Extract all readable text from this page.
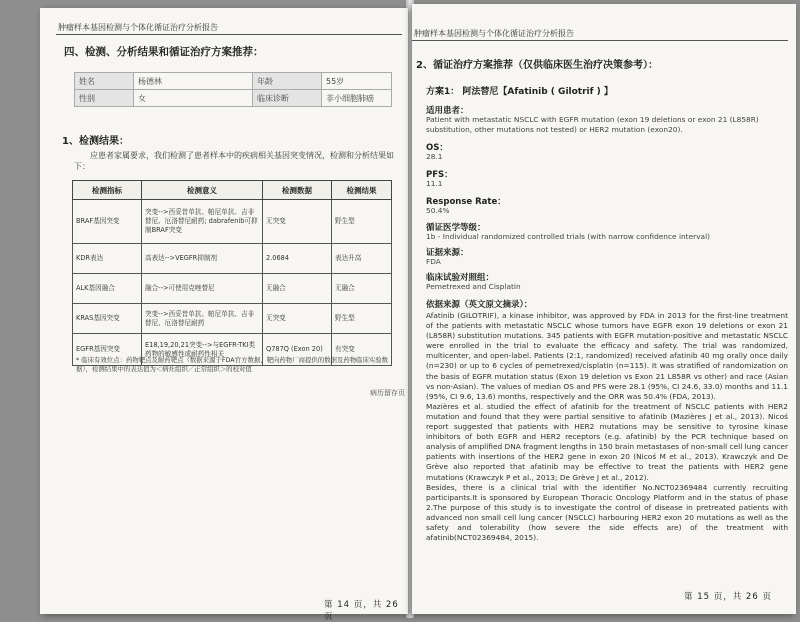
肿瘤样本基因检测与个体化循证治疗分析报告
四、检测、分析结果和循证治疗方案推荐：
姓名	杨德林	年龄	55岁
性别	女	临床诊断	非小细胞肺癌
1、检测结果：
应患者家属要求，我们检测了患者样本中的疾病相关基因突变情况，检测和分析结果如下：
检测指标	检测意义	检测数据	检测结果
BRAF基因突变	突变-->西妥昔单抗、帕尼单抗、吉非替尼、厄洛替尼耐药; dabrafenib可抑制BRAF突变	无突变	野生型
KDR表达	高表达-->VEGFR抑制剂	2.0684	表达升高
ALK基因融合	融合-->可使用克唑替尼	无融合	无融合
KRAS基因突变	突变-->西妥昔单抗、帕尼单抗、吉非替尼、厄洛替尼耐药	无突变	野生型
EGFR基因突变	E18,19,20,21突变-->与EGFR-TKI类药物的敏感性或耐药性相关	Q787Q (Exon 20)	有突变
* 临床有效位点：药物靶点及耐药靶点（数据来源于FDA官方数据、靶向药物厂商提供的数据及药物临床实验数据），检测结果中的表达值为＜病灶组织／正常组织＞的校对值
病历留存页
第 14 页，共 26 页
肿瘤样本基因检测与个体化循证治疗分析报告
2、循证治疗方案推荐（仅供临床医生治疗决策参考）：
方案1： 阿法替尼【Afatinib ( Gilotrif ) 】
适用患者：
Patient with metastatic NSCLC with EGFR mutation (exon 19 deletions or exon 21 (L858R) substitution, other mutations not tested) or HER2 mutation (exon20).
OS：
28.1
PFS：
11.1
Response Rate：
50.4%
循证医学等级：
1b - Individual randomized controlled trials (with narrow confidence interval)
证据来源：
FDA
临床试验对照组：
Pemetrexed and Cisplatin
依据来源（英文原文摘录）：

Afatinib (GILOTRIF), a kinase inhibitor, was approved by FDA in 2013 for the first-line treatment of the patients with metastatic NSCLC whose tumors have EGFR exon 19 deletions or exon 21 (L858R) substitution mutations. 345 patients with EGFR mutation-positive and metastatic NSCLC were enrolled in the trial to evaluate the efficacy and safety. The trial was randomized, multicenter, and open-label. Patients (2:1, randomized) received afatinib 40 mg orally once daily (n=230) or up to 6 cycles of pemetrexed/cisplatin (n=115). It was stratified of randomization on the basis of EGFR mutation status (Exon 19 deletion vs Exon 21 L858R vs other) and race (Asian vs non-Asian). The values of median OS and PFS were 28.1 (95%, CI 24.6, 33.0) months and 11.1 (95%, CI 9.6, 13.6) months, respectively and the ORR was 50.4% (FDA, 2013).

Mazières et al. studied the effect of afatinib for the treatment of NSCLC patients with HER2 mutation and found that they were partial sensitive to afatinib (Mazières J et al., 2013). Nicoś report suggested that patients with HER2 mutations may be sensitive to tyrosine kinase inhibitors of both EGFR and HER2 receptors (e.g. afatinib) by the PCR technique based on analysis of amplified DNA fragment lengths in 150 brain metastases of non-small cell lung cancer patients with insertions of the HER2 gene in exon 20 (Nicoś M et al., 2013). Krawczyk and De Grève also reported that afatinib may be effective to treat the patients with HER2 gene mutations (Krawczyk P et al., 2013; De Grève J et al., 2012).

Besides, there is a clinical trial with the identifier No.NCT02369484 currently recruiting participants.It is sponsored by European Thoracic Oncology Platform and in the status of phase 2.The purpose of this study is to investigate the control of disease in pretreated patients with advanced non small cell lung cancer (NSCLC) harbouring HER2 exon 20 mutations as well as the safety and tolerability (how severe the side effects are) of the treatment with afatinib(NCT02369484, 2015).

第 15 页，共 26 页
